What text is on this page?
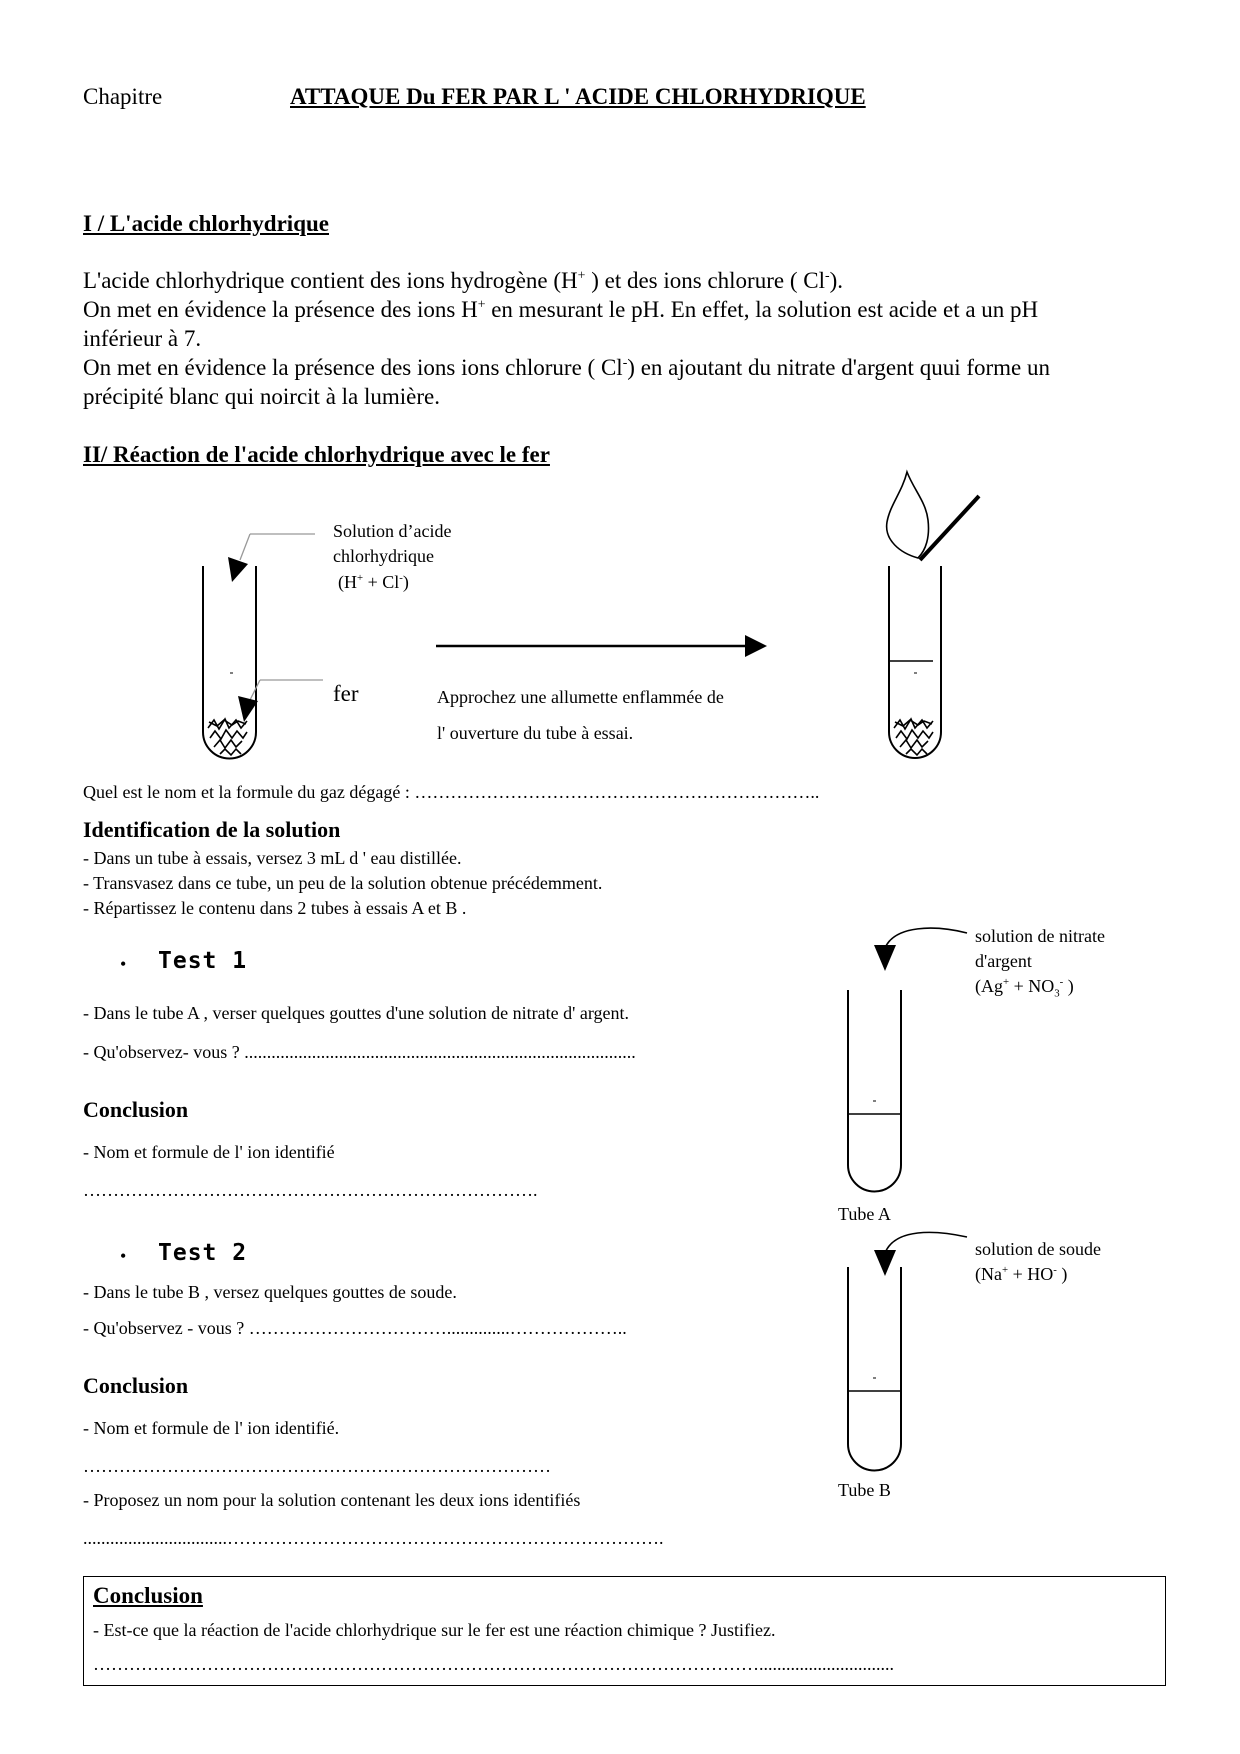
Chapitre	ATTAQUE Du FER PAR L ' ACIDE CHLORHYDRIQUE
I / L'acide chlorhydrique
L'acide chlorhydrique contient des ions hydrogène (H+ ) et des ions chlorure ( Cl-).
On met en évidence la présence des ions H+ en mesurant le pH. En effet, la solution est acide et a un pH
inférieur à 7.
On met en évidence la présence des ions ions chlorure ( Cl-) en ajoutant du nitrate d'argent quui forme un
précipité blanc qui noircit à la lumière.
II/ Réaction de l'acide chlorhydrique avec le fer
Solution d’acide
chlorhydrique
(H+ + Cl-)
fer	Approchez une allumette enflammée de
l' ouverture du tube à essai.
Quel est le nom et la formule du gaz dégagé : …………………………………………………………..
Identification de la solution
- Dans un tube à essais, versez 3 mL d ' eau distillée.
- Transvasez dans ce tube, un peu de la solution obtenue précédemment.
- Répartissez le contenu dans 2 tubes à essais A et B .
• Test 1
- Dans le tube A , verser quelques gouttes d'une solution de nitrate d' argent.
- Qu'observez- vous ? .......................................................................................
Conclusion
- Nom et formule de l' ion identifié
………………………………………………………………….
solution de nitrate
d'argent
($Ag^+ + NO_3^-$ )
Tube A
• Test 2
- Dans le tube B , versez quelques gouttes de soude.
- Qu'observez - vous ? ……………………………..............………………..
Conclusion
- Nom et formule de l' ion identifié.
……………………………………………………………………
- Proposez un nom pour la solution contenant les deux ions identifiés
................................……………………………………………………………….
solution de soude
(Na+ + HO- )
Tube B
Conclusion
- Est-ce que la réaction de l'acide chlorhydrique sur le fer est une réaction chimique ? Justifiez.
…………………………………………………………………………………………………..............................
